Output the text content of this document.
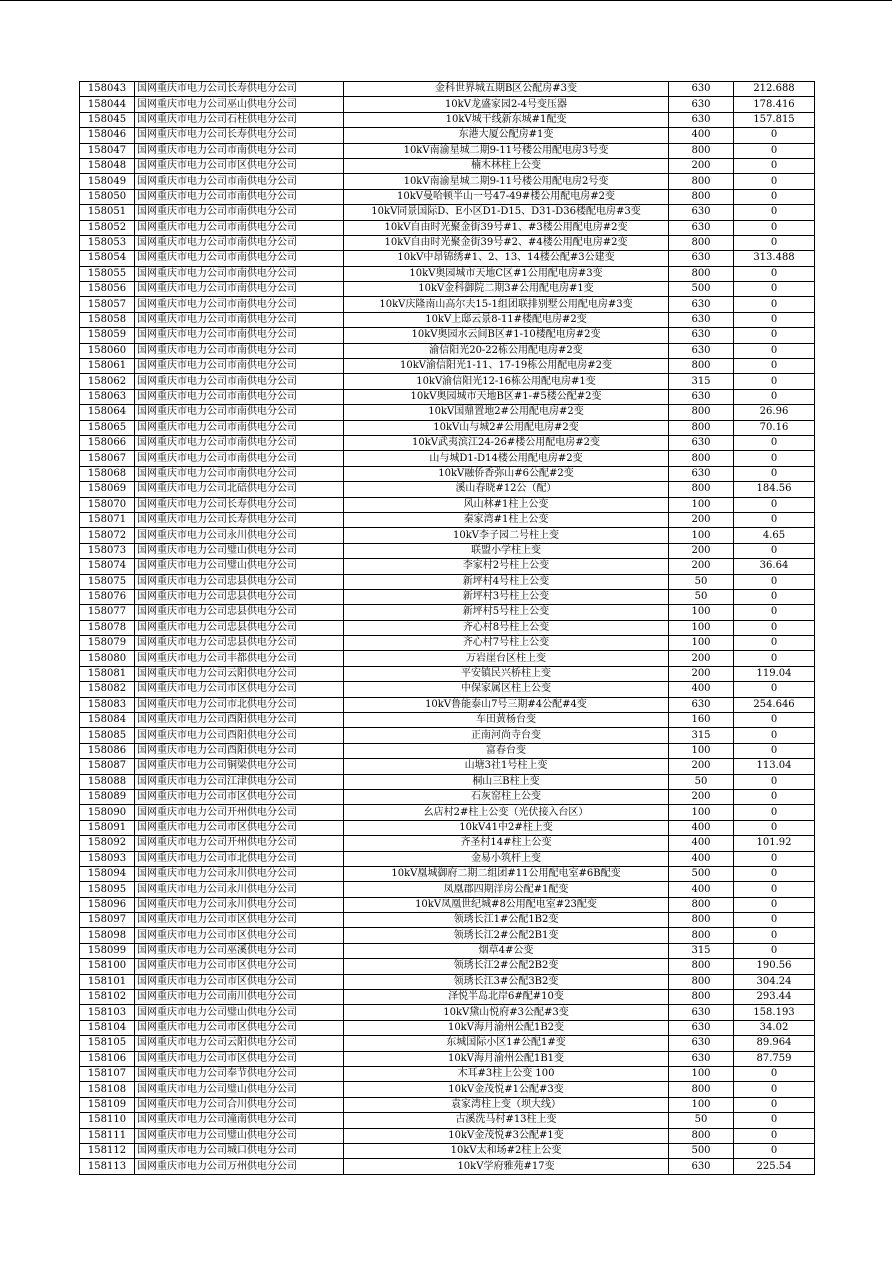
158043	国网重庆市电力公司长寿供电分公司	金科世界城五期B区公配房#3变	630	212.688
158044	国网重庆市电力公司巫山供电分公司	10kV龙盛家园2-4号变压器	630	178.416
158045	国网重庆市电力公司石柱供电分公司	10kV城干线新东城#1配变	630	157.815
158046	国网重庆市电力公司长寿供电分公司	东港大厦公配房#1变	400	0
158047	国网重庆市电力公司市南供电分公司	10kV南渝星城二期9-11号楼公用配电房3号变	800	0
158048	国网重庆市电力公司市区供电分公司	楠木林柱上公变	200	0
158049	国网重庆市电力公司市南供电分公司	10kV南渝星城二期9-11号楼公用配电房2号变	800	0
158050	国网重庆市电力公司市南供电分公司	10kV曼哈顿半山一号47-49#楼公用配电房#2变	800	0
158051	国网重庆市电力公司市南供电分公司	10kV同景国际D、E小区D1-D15、D31-D36楼配电房#3变	630	0
158052	国网重庆市电力公司市南供电分公司	10kV自由时光聚金街39号#1、#3楼公用配电房#2变	630	0
158053	国网重庆市电力公司市南供电分公司	10kV自由时光聚金街39号#2、#4楼公用配电房#2变	800	0
158054	国网重庆市电力公司市南供电分公司	10kV中昂锦绣#1、2、13、14楼公配#3公建变	630	313.488
158055	国网重庆市电力公司市南供电分公司	10kV奥园城市天地C区#1公用配电房#3变	800	0
158056	国网重庆市电力公司市南供电分公司	10kV金科御院二期3#公用配电房#1变	500	0
158057	国网重庆市电力公司市南供电分公司	10kV庆隆南山高尔夫15-1组团联排别墅公用配电房#3变	630	0
158058	国网重庆市电力公司市南供电分公司	10kV上邸云景8-11#楼配电房#2变	630	0
158059	国网重庆市电力公司市南供电分公司	10kV奥园水云间B区#1-10楼配电房#2变	630	0
158060	国网重庆市电力公司市南供电分公司	渝信阳光20-22栋公用配电房#2变	630	0
158061	国网重庆市电力公司市南供电分公司	10kV渝信阳光1-11、17-19栋公用配电房#2变	800	0
158062	国网重庆市电力公司市南供电分公司	10kV渝信阳光12-16栋公用配电房#1变	315	0
158063	国网重庆市电力公司市南供电分公司	10kV奥园城市天地B区#1-#5楼公配#2变	630	0
158064	国网重庆市电力公司市南供电分公司	10kV国鼎置地2#公用配电房#2变	800	26.96
158065	国网重庆市电力公司市南供电分公司	10kV山与城2#公用配电房#2变	800	70.16
158066	国网重庆市电力公司市南供电分公司	10kV武夷滨江24-26#楼公用配电房#2变	630	0
158067	国网重庆市电力公司市南供电分公司	山与城D1-D14楼公用配电房#2变	800	0
158068	国网重庆市电力公司市南供电分公司	10kV融侨香弥山#6公配#2变	630	0
158069	国网重庆市电力公司北碚供电分公司	溪山春晓#12公（配）	800	184.56
158070	国网重庆市电力公司长寿供电分公司	风山林#1柱上公变	100	0
158071	国网重庆市电力公司长寿供电分公司	秦家湾#1柱上公变	200	0
158072	国网重庆市电力公司永川供电分公司	10kV李子园二号柱上变	100	4.65
158073	国网重庆市电力公司璧山供电分公司	联盟小学柱上变	200	0
158074	国网重庆市电力公司璧山供电分公司	李家村2号柱上公变	200	36.64
158075	国网重庆市电力公司忠县供电分公司	新坪村4号柱上公变	50	0
158076	国网重庆市电力公司忠县供电分公司	新坪村3号柱上公变	50	0
158077	国网重庆市电力公司忠县供电分公司	新坪村5号柱上公变	100	0
158078	国网重庆市电力公司忠县供电分公司	齐心村8号柱上公变	100	0
158079	国网重庆市电力公司忠县供电分公司	齐心村7号柱上公变	100	0
158080	国网重庆市电力公司丰都供电分公司	万岩崖台区柱上变	200	0
158081	国网重庆市电力公司云阳供电分公司	平安镇民兴桥柱上变	200	119.04
158082	国网重庆市电力公司市区供电分公司	中保家属区柱上公变	400	0
158083	国网重庆市电力公司市北供电分公司	10kV鲁能泰山7号三期#4公配#4变	630	254.646
158084	国网重庆市电力公司酉阳供电分公司	车田黄杨台变	160	0
158085	国网重庆市电力公司酉阳供电分公司	正南河尚寺台变	315	0
158086	国网重庆市电力公司酉阳供电分公司	富春台变	100	0
158087	国网重庆市电力公司铜梁供电分公司	山塘3社1号柱上变	200	113.04
158088	国网重庆市电力公司江津供电分公司	桐山三B柱上变	50	0
158089	国网重庆市电力公司市区供电分公司	石灰窑柱上公变	200	0
158090	国网重庆市电力公司开州供电分公司	幺店村2#柱上公变（光伏接入台区）	100	0
158091	国网重庆市电力公司市区供电分公司	10kV41中2#柱上变	400	0
158092	国网重庆市电力公司开州供电分公司	齐圣村14#柱上公变	400	101.92
158093	国网重庆市电力公司市北供电分公司	金易小筑杆上变	400	0
158094	国网重庆市电力公司永川供电分公司	10kV凰城御府二期二组团#11公用配电室#6B配变	500	0
158095	国网重庆市电力公司永川供电分公司	凤凰郡四期洋房公配#1配变	400	0
158096	国网重庆市电力公司永川供电分公司	10kV凤凰世纪城#8公用配电室#23配变	800	0
158097	国网重庆市电力公司市区供电分公司	领琇长江1#公配1B2变	800	0
158098	国网重庆市电力公司市区供电分公司	领琇长江2#公配2B1变	800	0
158099	国网重庆市电力公司巫溪供电分公司	烟草4#公变	315	0
158100	国网重庆市电力公司市区供电分公司	领琇长江2#公配2B2变	800	190.56
158101	国网重庆市电力公司市区供电分公司	领琇长江3#公配3B2变	800	304.24
158102	国网重庆市电力公司南川供电分公司	泽悦半岛北岸6#配#10变	800	293.44
158103	国网重庆市电力公司璧山供电分公司	10kV黛山悦府#3公配#3变	630	158.193
158104	国网重庆市电力公司市区供电分公司	10kV海月渝州公配1B2变	630	34.02
158105	国网重庆市电力公司云阳供电分公司	东城国际小区1#公配1#变	630	89.964
158106	国网重庆市电力公司市区供电分公司	10kV海月渝州公配1B1变	630	87.759
158107	国网重庆市电力公司奉节供电分公司	木耳#3柱上公变 100	100	0
158108	国网重庆市电力公司璧山供电分公司	10kV金茂悦#1公配#3变	800	0
158109	国网重庆市电力公司合川供电分公司	袁家湾柱上变（坝大线）	100	0
158110	国网重庆市电力公司潼南供电分公司	古溪洗马村#13柱上变	50	0
158111	国网重庆市电力公司璧山供电分公司	10kV金茂悦#3公配#1变	800	0
158112	国网重庆市电力公司城口供电分公司	10kV太和场#2柱上公变	500	0
158113	国网重庆市电力公司万州供电分公司	10kV学府雅苑#17变	630	225.54
